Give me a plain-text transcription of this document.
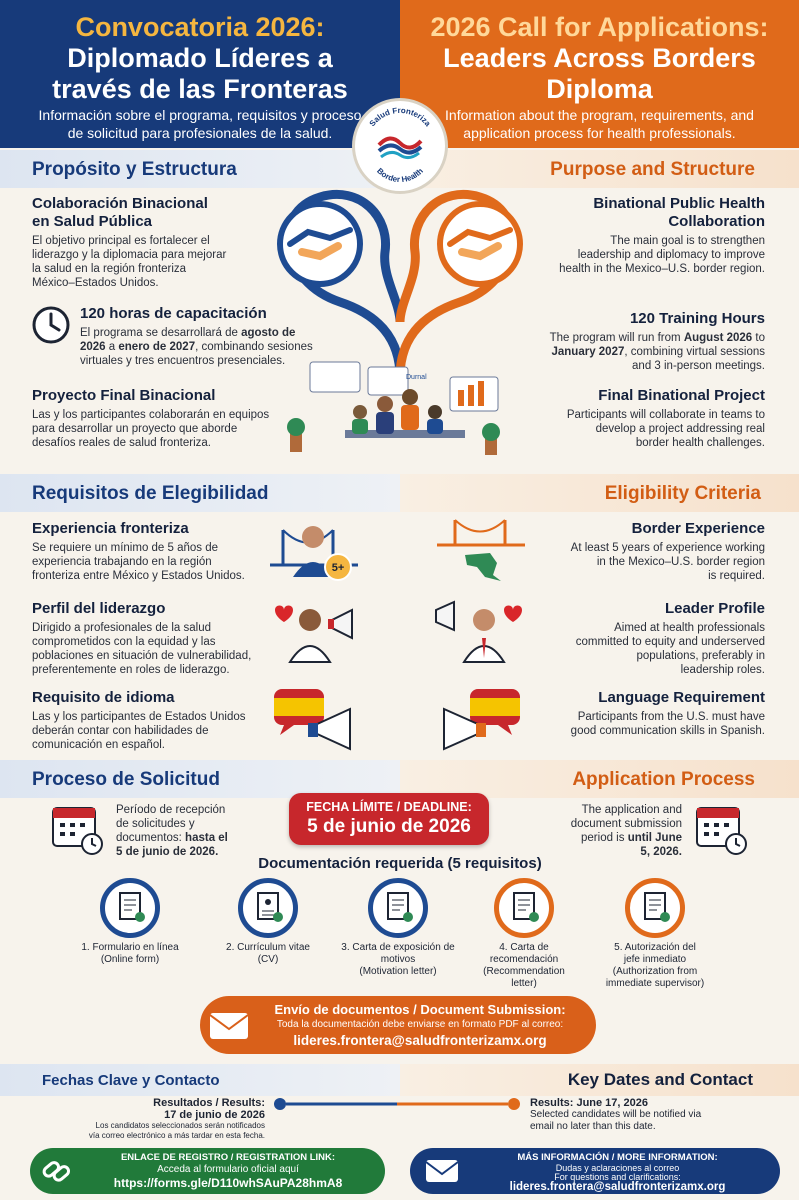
Convocatoria 2026:
Diplomado Líderes a
través de las Fronteras
Información sobre el programa, requisitos y proceso
de solicitud para profesionales de la salud.
2026 Call for Applications:
Leaders Across Borders
Diploma
Information about the program, requirements, and
application process for health professionals.
Propósito y Estructura	Purpose and Structure
Salud Fronteriza
Border Health
Durnal
Colaboración Binacional
en Salud Pública
El objetivo principal es fortalecer el
liderazgo y la diplomacia para mejorar
la salud en la región fronteriza
México–Estados Unidos.
120 horas de capacitación
El programa se desarrollará de agosto de
2026 a enero de 2027, combinando sesiones
virtuales y tres encuentros presenciales.
Proyecto Final Binacional
Las y los participantes colaborarán en equipos
para desarrollar un proyecto que aborde
desafíos reales de salud fronteriza.
Binational Public Health
Collaboration
The main goal is to strengthen
leadership and diplomacy to improve
health in the Mexico–U.S. border region.
120 Training Hours
The program will run from August 2026 to
January 2027, combining virtual sessions
and 3 in-person meetings.
Final Binational Project
Participants will collaborate in teams to
develop a project addressing real
border health challenges.
Requisitos de Elegibilidad	Eligibility Criteria
Experiencia fronteriza
Se requiere un mínimo de 5 años de
experiencia trabajando en la región
fronteriza entre México y Estados Unidos.
Perfil del liderazgo
Dirigido a profesionales de la salud
comprometidos con la equidad y las
poblaciones en situación de vulnerabilidad,
preferentemente en roles de liderazgo.
Requisito de idioma
Las y los participantes de Estados Unidos
deberán contar con habilidades de
comunicación en español.
5+
Border Experience
At least 5 years of experience working
in the Mexico–U.S. border region
is required.
Leader Profile
Aimed at health professionals
committed to equity and underserved
populations, preferably in
leadership roles.
Language Requirement
Participants from the U.S. must have
good communication skills in Spanish.
Proceso de Solicitud	Application Process
Período de recepción
de solicitudes y
documentos: hasta el
5 de junio de 2026.
FECHA LÍMITE / DEADLINE:
5 de junio de 2026
The application and
document submission
period is until June
5, 2026.
Documentación requerida (5 requisitos)
1. Formulario en línea
(Online form)
2. Currículum vitae
(CV)
3. Carta de exposición de
motivos
(Motivation letter)
4. Carta de
recomendación
(Recommendation
letter)
5. Autorización del
jefe inmediato
(Authorization from
immediate supervisor)
Envío de documentos / Document Submission:
Toda la documentación debe enviarse en formato PDF al correo:
lideres.frontera@saludfronterizamx.org
Fechas Clave y Contacto	Key Dates and Contact
Resultados / Results:
17 de junio de 2026
Los candidatos seleccionados serán notificados
vía correo electrónico a más tardar en esta fecha.
Results: June 17, 2026
Selected candidates will be notified via
email no later than this date.
ENLACE DE REGISTRO / REGISTRATION LINK:
Acceda al formulario oficial aquí
https://forms.gle/D110whSAuPA28hmA8
MÁS INFORMACIÓN / MORE INFORMATION:
Dudas y aclaraciones al correo
For questions and clarifications:
lideres.frontera@saludfronterizamx.org
